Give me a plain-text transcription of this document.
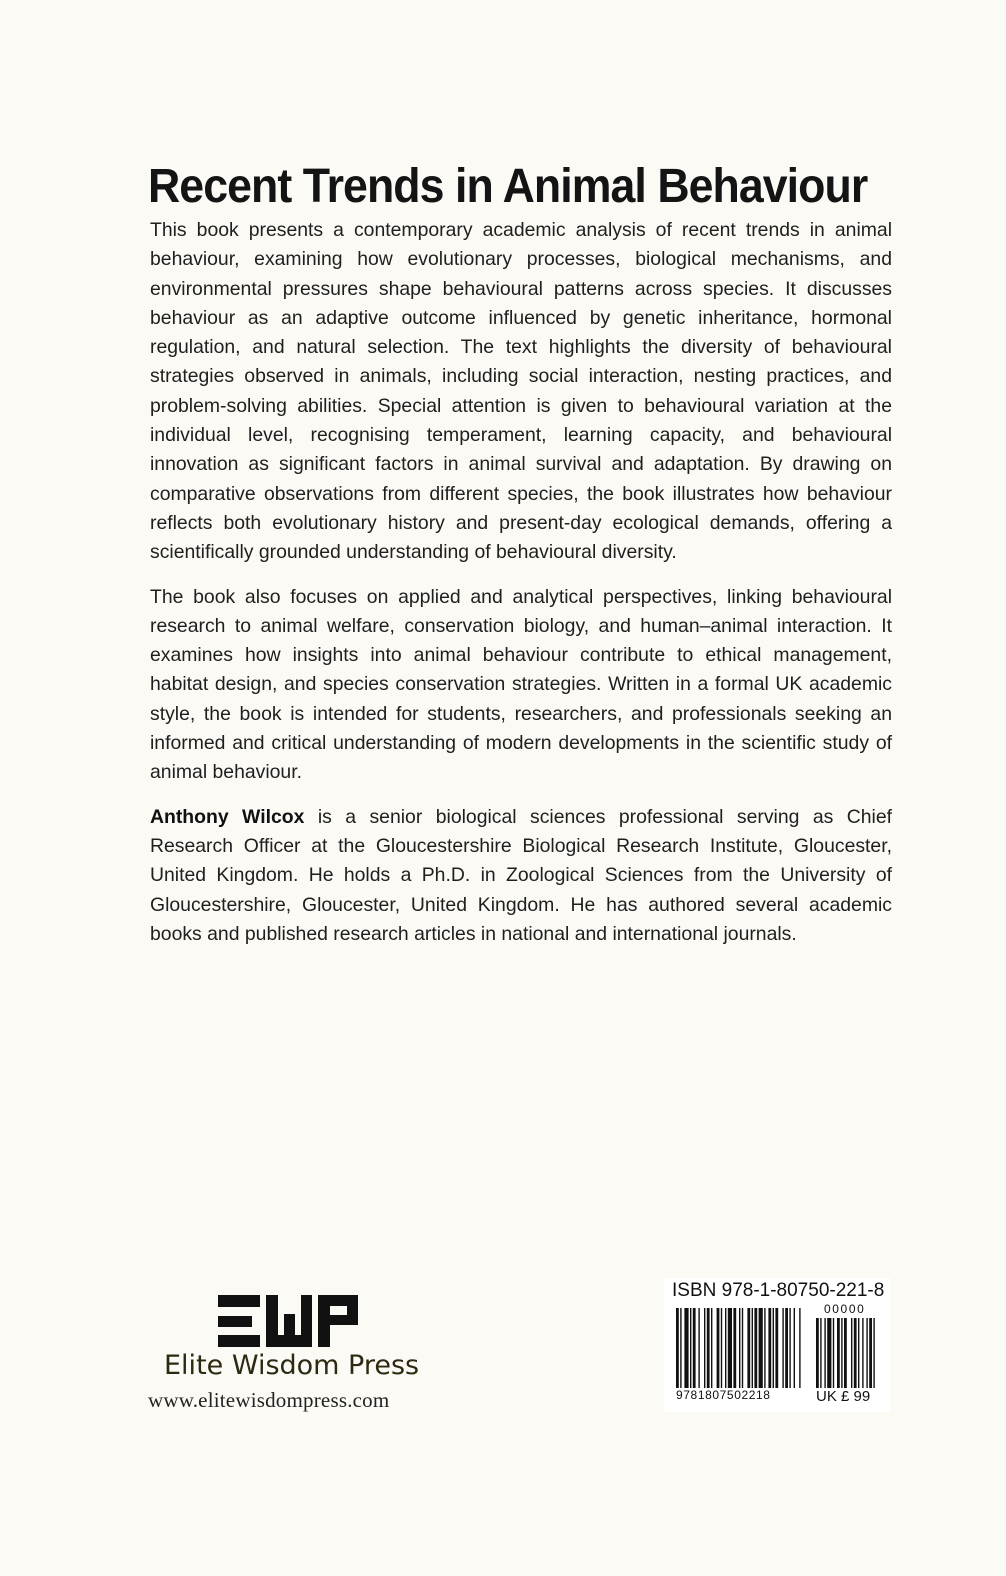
Recent Trends in Animal Behaviour

This book presents a contemporary academic analysis of recent trends in animal behaviour, examining how evolutionary processes, biological mechanisms, and environmental pressures shape behavioural patterns across species. It discusses behaviour as an adaptive outcome influenced by genetic inheritance, hormonal regulation, and natural selection. The text highlights the diversity of behavioural strategies observed in animals, including social interaction, nesting practices, and problem-solving abilities. Special attention is given to behavioural variation at the individual level, recognising temperament, learning capacity, and behavioural innovation as significant factors in animal survival and adaptation. By drawing on comparative observations from different species, the book illustrates how behaviour reflects both evolutionary history and present-day ecological demands, offering a scientifically grounded understanding of behavioural diversity.

The book also focuses on applied and analytical perspectives, linking behavioural research to animal welfare, conservation biology, and human–animal interaction. It examines how insights into animal behaviour contribute to ethical management, habitat design, and species conservation strategies. Written in a formal UK academic style, the book is intended for students, researchers, and professionals seeking an informed and critical understanding of modern developments in the scientific study of animal behaviour.

Anthony Wilcox is a senior biological sciences professional serving as Chief Research Officer at the Gloucestershire Biological Research Institute, Gloucester, United Kingdom. He holds a Ph.D. in Zoological Sciences from the University of Gloucestershire, Gloucester, United Kingdom. He has authored several academic books and published research articles in national and international journals.

Elite Wisdom Press
www.elitewisdompress.com
ISBN 978-1-80750-221-8
00000
9781807502218	UK £ 99
